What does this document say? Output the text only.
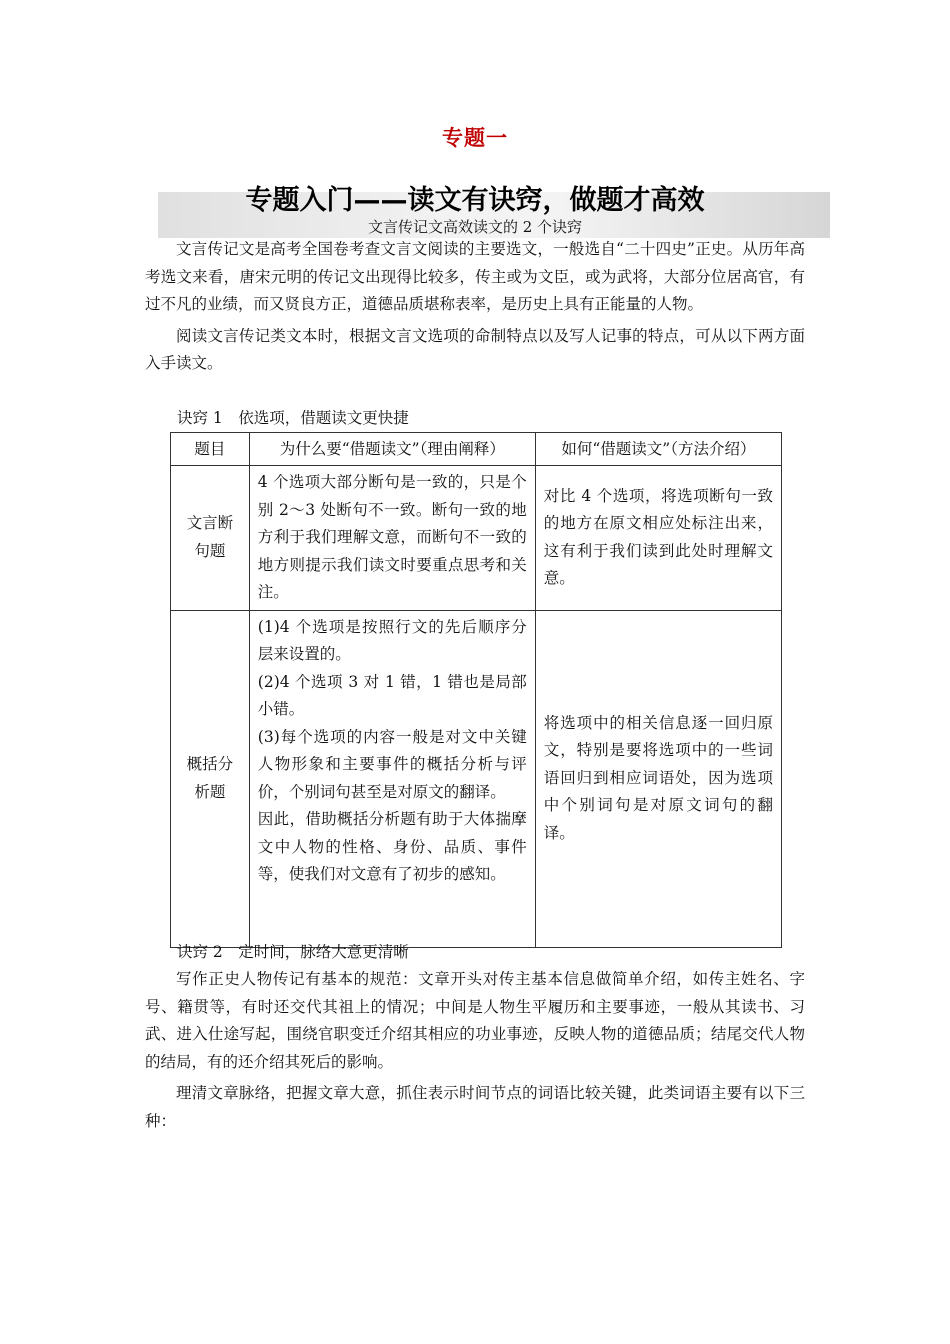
专题一
专题入门——读文有诀窍，做题才高效
文言传记文高效读文的 2 个诀窍
文言传记文是高考全国卷考查文言文阅读的主要选文，一般选自“二十四史”正史。从历年高考选文来看，唐宋元明的传记文出现得比较多，传主或为文臣，或为武将，大部分位居高官，有过不凡的业绩，而又贤良方正，道德品质堪称表率，是历史上具有正能量的人物。
阅读文言传记类文本时，根据文言文选项的命制特点以及写人记事的特点，可从以下两方面入手读文。
诀窍 1　依选项，借题读文更快捷
题目	为什么要“借题读文”（理由阐释）	如何“借题读文”（方法介绍）
文言断句题	4 个选项大部分断句是一致的，只是个别 2～3 处断句不一致。断句一致的地方利于我们理解文意，而断句不一致的地方则提示我们读文时要重点思考和关注。	对比 4 个选项，将选项断句一致的地方在原文相应处标注出来，这有利于我们读到此处时理解文意。
概括分析题	(1)4 个选项是按照行文的先后顺序分层来设置的。
(2)4 个选项 3 对 1 错，1 错也是局部小错。
(3)每个选项的内容一般是对文中关键人物形象和主要事件的概括分析与评价，个别词句甚至是对原文的翻译。
因此，借助概括分析题有助于大体揣摩文中人物的性格、身份、品质、事件等，使我们对文意有了初步的感知。	将选项中的相关信息逐一回归原文，特别是要将选项中的一些词语回归到相应词语处，因为选项中个别词句是对原文词句的翻译。
诀窍 2　定时间，脉络大意更清晰
写作正史人物传记有基本的规范：文章开头对传主基本信息做简单介绍，如传主姓名、字号、籍贯等，有时还交代其祖上的情况；中间是人物生平履历和主要事迹，一般从其读书、习武、进入仕途写起，围绕官职变迁介绍其相应的功业事迹，反映人物的道德品质；结尾交代人物的结局，有的还介绍其死后的影响。
理清文章脉络，把握文章大意，抓住表示时间节点的词语比较关键，此类词语主要有以下三种：
